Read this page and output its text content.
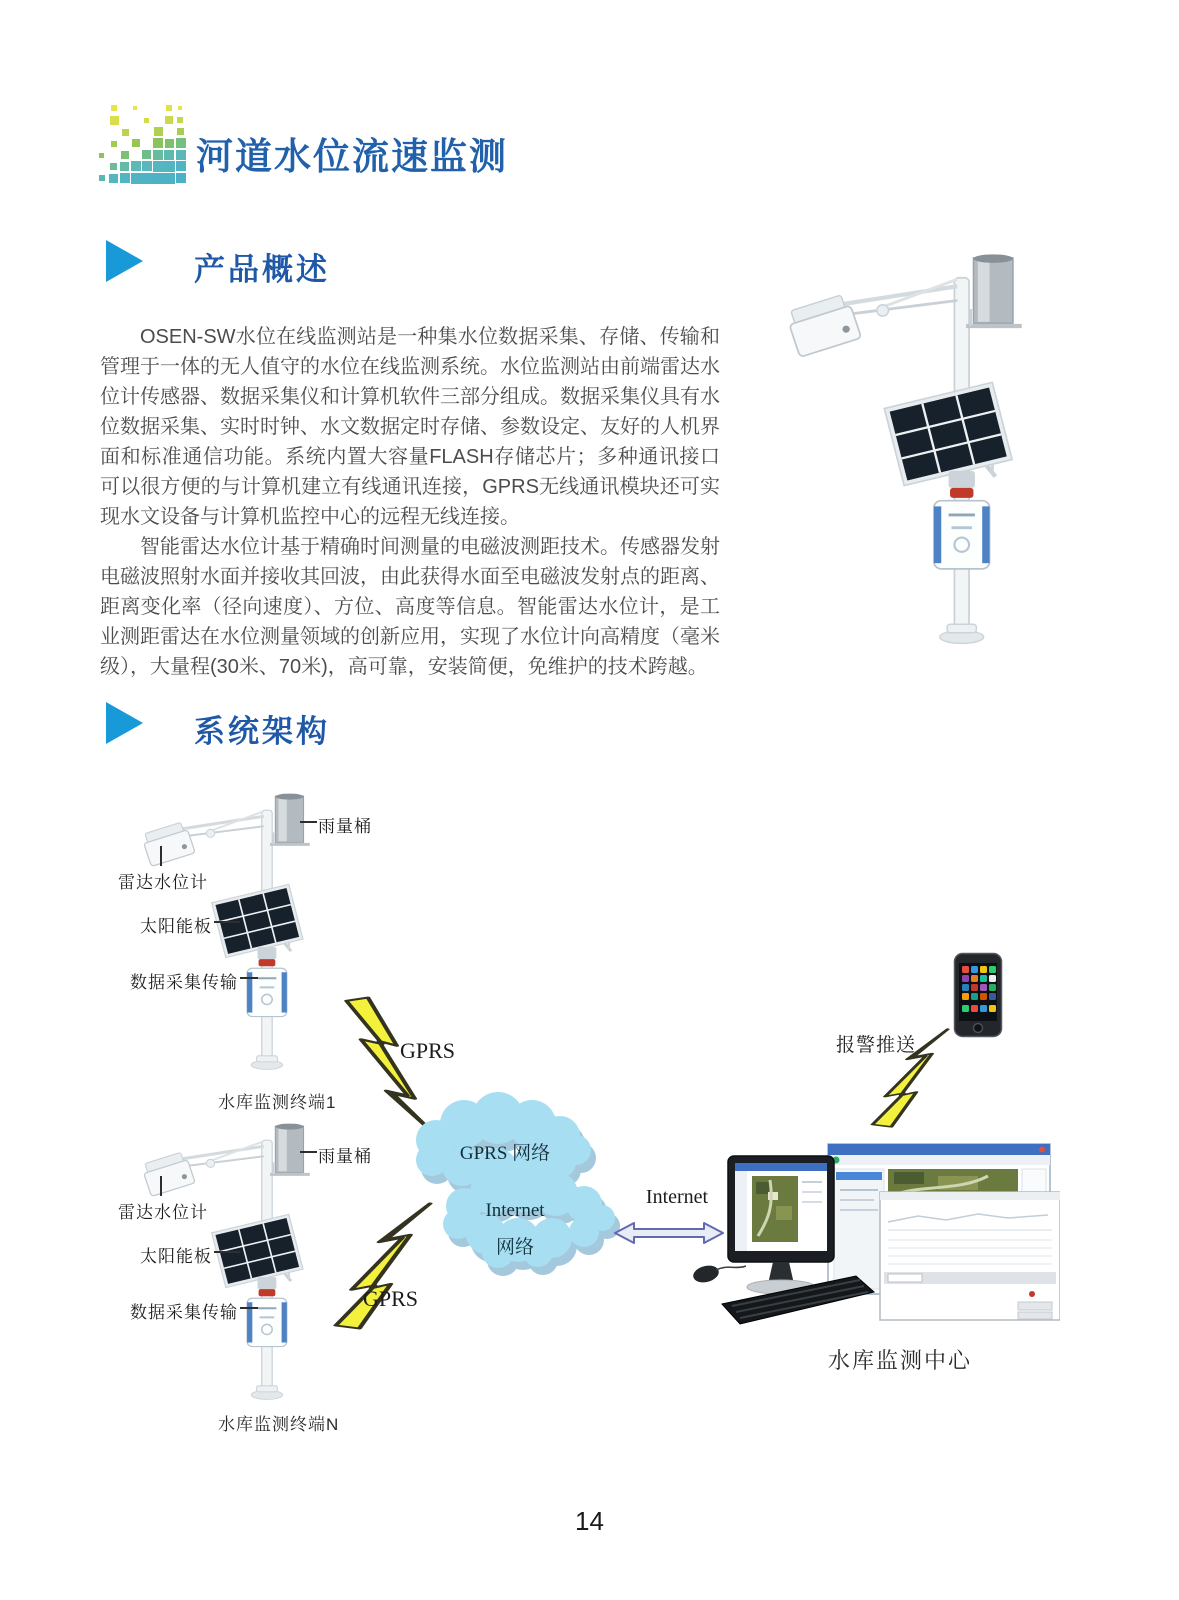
河道水位流速监测
产品概述

OSEN-SW水位在线监测站是一种集水位数据采集、存储、传输和管理于一体的无人值守的水位在线监测系统。水位监测站由前端雷达水位计传感器、数据采集仪和计算机软件三部分组成。数据采集仪具有水位数据采集、实时时钟、水文数据定时存储、参数设定、友好的人机界面和标准通信功能。系统内置大容量FLASH存储芯片；多种通讯接口可以很方便的与计算机建立有线通讯连接，GPRS无线通讯模块还可实现水文设备与计算机监控中心的远程无线连接。

智能雷达水位计基于精确时间测量的电磁波测距技术。传感器发射电磁波照射水面并接收其回波，由此获得水面至电磁波发射点的距离、距离变化率（径向速度）、方位、高度等信息。智能雷达水位计，是工业测距雷达在水位测量领域的创新应用，实现了水位计向高精度（毫米级），大量程(30米、70米)，高可靠，安装简便，免维护的技术跨越。

系统架构
雨量桶
雷达水位计
太阳能板
数据采集传输
水库监测终端1
GPRS
雨量桶
雷达水位计
太阳能板
数据采集传输
水库监测终端N
GPRS
GPRS 网络
Internet
网络
Internet
水库监测中心
报警推送
14
